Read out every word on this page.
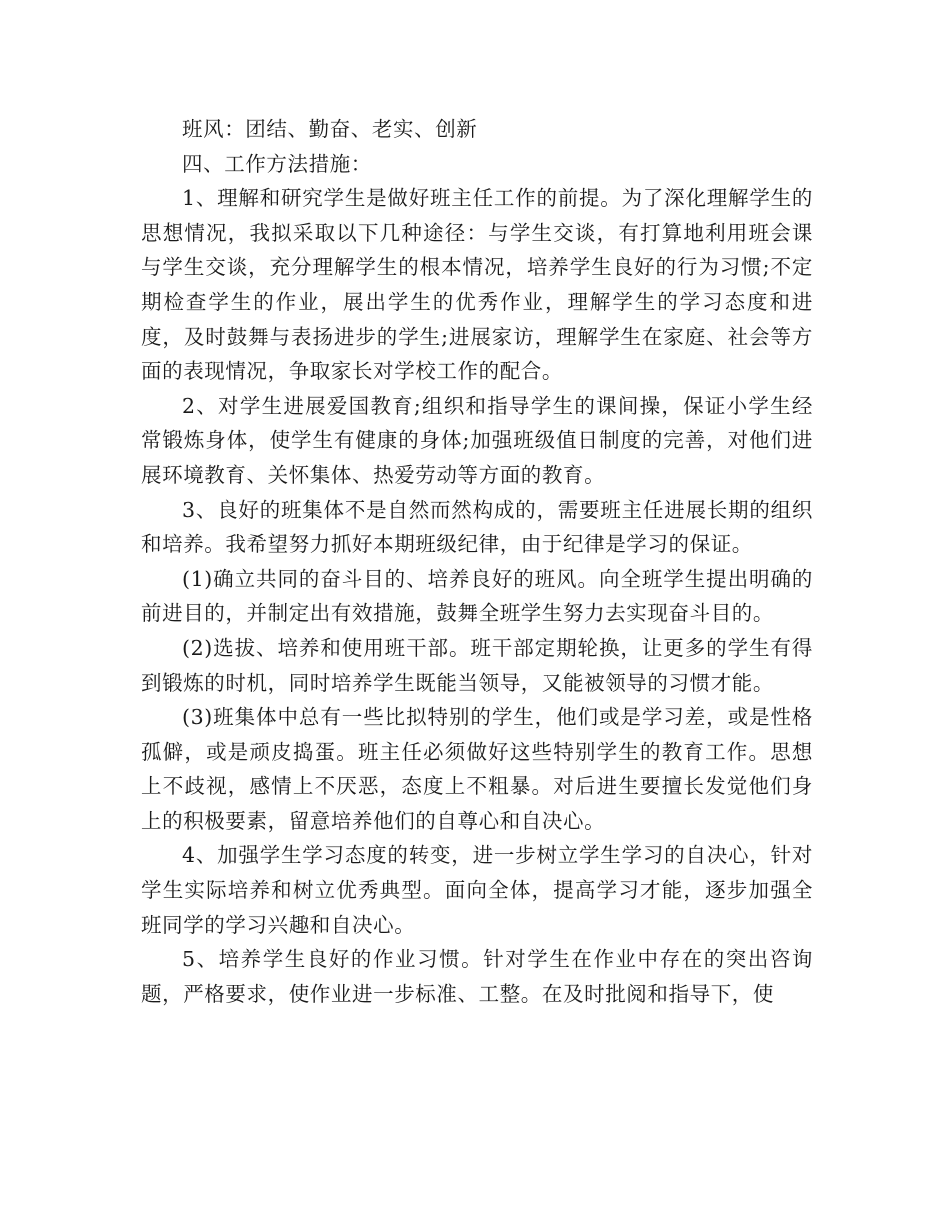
班风：团结、勤奋、老实、创新

四、工作方法措施：

1、理解和研究学生是做好班主任工作的前提。为了深化理解学生的思想情况，我拟采取以下几种途径：与学生交谈，有打算地利用班会课与学生交谈，充分理解学生的根本情况，培养学生良好的行为习惯;不定期检查学生的作业，展出学生的优秀作业，理解学生的学习态度和进度，及时鼓舞与表扬进步的学生;进展家访，理解学生在家庭、社会等方面的表现情况，争取家长对学校工作的配合。

2、对学生进展爱国教育;组织和指导学生的课间操，保证小学生经常锻炼身体，使学生有健康的身体;加强班级值日制度的完善，对他们进展环境教育、关怀集体、热爱劳动等方面的教育。

3、良好的班集体不是自然而然构成的，需要班主任进展长期的组织和培养。我希望努力抓好本期班级纪律，由于纪律是学习的保证。

(1)确立共同的奋斗目的、培养良好的班风。向全班学生提出明确的前进目的，并制定出有效措施，鼓舞全班学生努力去实现奋斗目的。

(2)选拔、培养和使用班干部。班干部定期轮换，让更多的学生有得到锻炼的时机，同时培养学生既能当领导，又能被领导的习惯才能。

(3)班集体中总有一些比拟特别的学生，他们或是学习差，或是性格孤僻，或是顽皮捣蛋。班主任必须做好这些特别学生的教育工作。思想上不歧视，感情上不厌恶，态度上不粗暴。对后进生要擅长发觉他们身上的积极要素，留意培养他们的自尊心和自决心。

4、加强学生学习态度的转变，进一步树立学生学习的自决心，针对学生实际培养和树立优秀典型。面向全体，提高学习才能，逐步加强全班同学的学习兴趣和自决心。

5、培养学生良好的作业习惯。针对学生在作业中存在的突出咨询题，严格要求，使作业进一步标准、工整。在及时批阅和指导下，使
